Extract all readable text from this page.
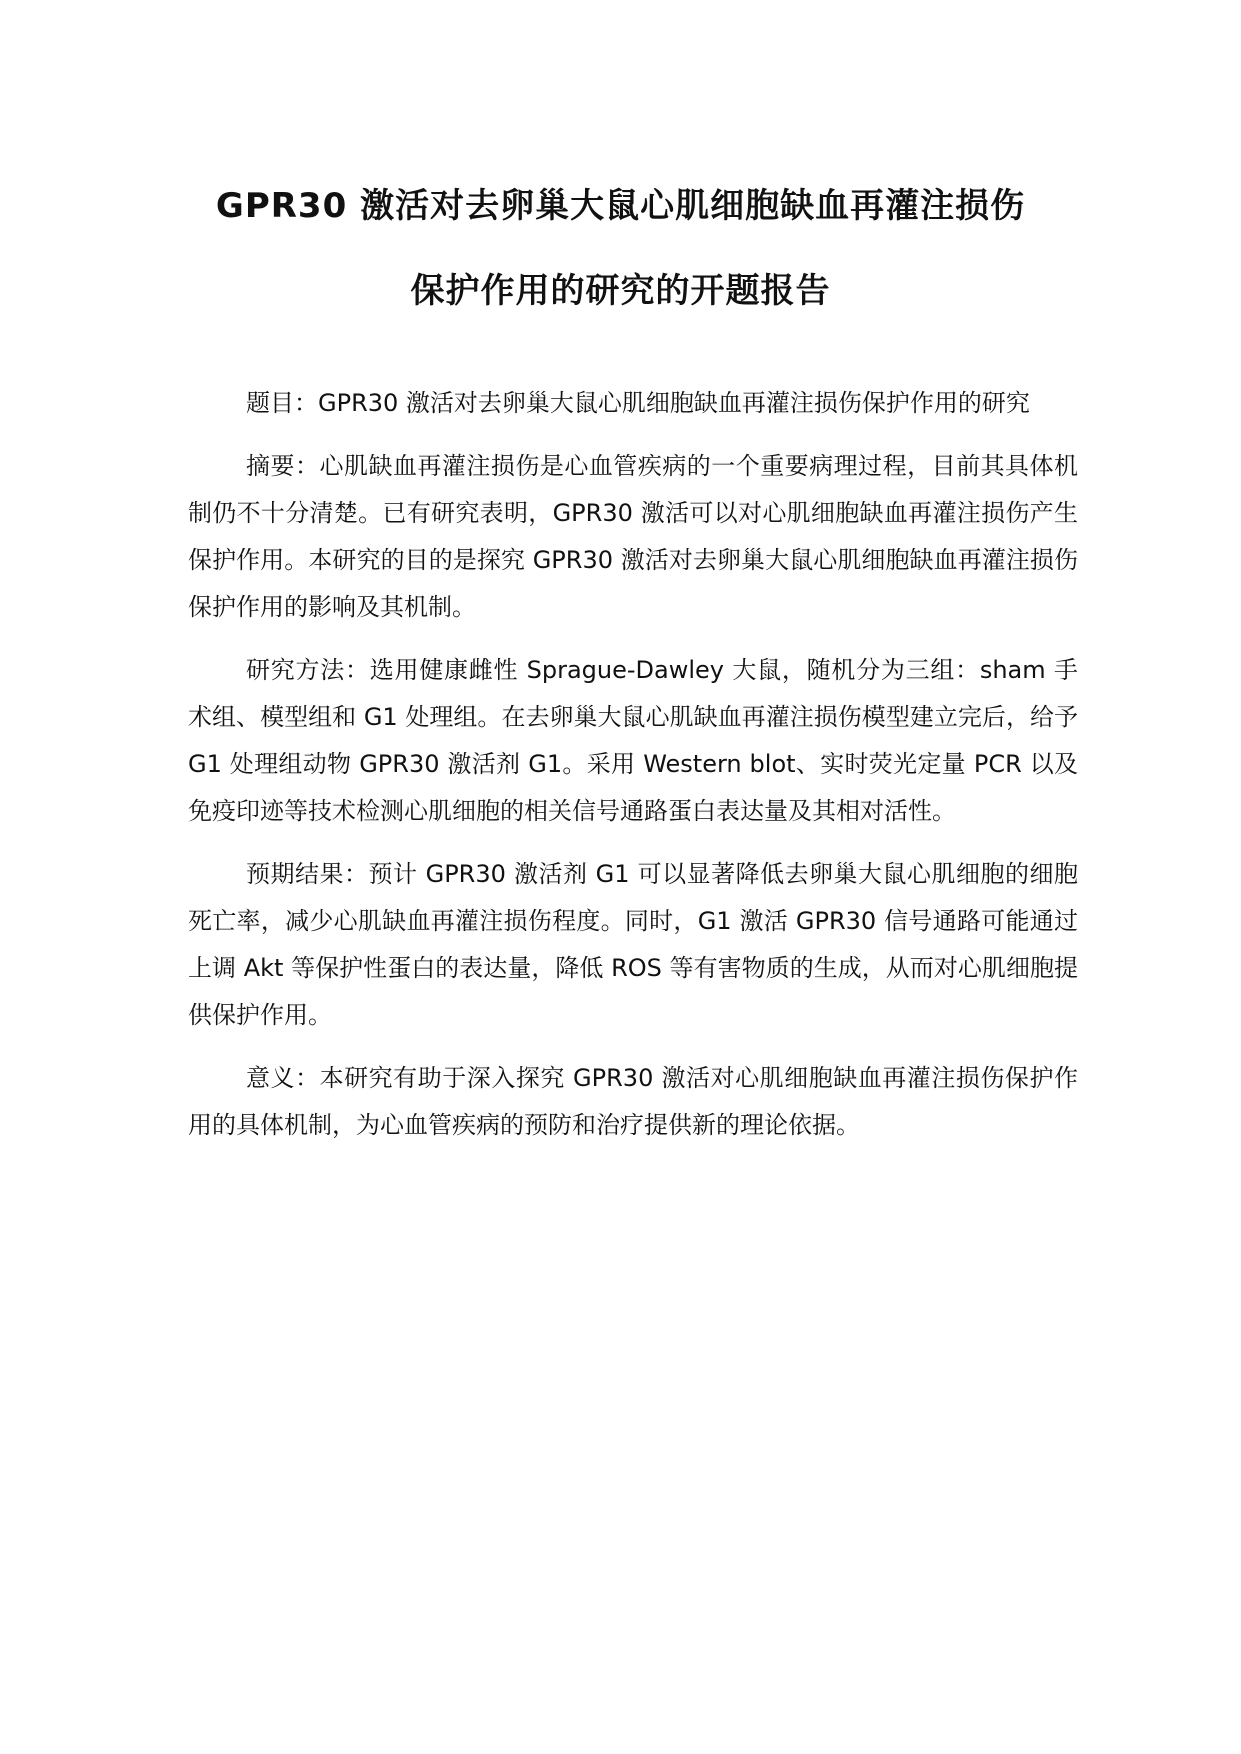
GPR30 激活对去卵巢大鼠心肌细胞缺血再灌注损伤
保护作用的研究的开题报告

题目：GPR30 激活对去卵巢大鼠心肌细胞缺血再灌注损伤保护作用的研究

摘要：心肌缺血再灌注损伤是心血管疾病的一个重要病理过程，目前其具体机制仍不十分清楚。已有研究表明，GPR30 激活可以对心肌细胞缺血再灌注损伤产生保护作用。本研究的目的是探究 GPR30 激活对去卵巢大鼠心肌细胞缺血再灌注损伤保护作用的影响及其机制。

研究方法：选用健康雌性 Sprague-Dawley 大鼠，随机分为三组：sham 手术组、模型组和 G1 处理组。在去卵巢大鼠心肌缺血再灌注损伤模型建立完后，给予 G1 处理组动物 GPR30 激活剂 G1。采用 Western blot、实时荧光定量 PCR 以及免疫印迹等技术检测心肌细胞的相关信号通路蛋白表达量及其相对活性。

预期结果：预计 GPR30 激活剂 G1 可以显著降低去卵巢大鼠心肌细胞的细胞死亡率，减少心肌缺血再灌注损伤程度。同时，G1 激活 GPR30 信号通路可能通过上调 Akt 等保护性蛋白的表达量，降低 ROS 等有害物质的生成，从而对心肌细胞提供保护作用。

意义：本研究有助于深入探究 GPR30 激活对心肌细胞缺血再灌注损伤保护作用的具体机制，为心血管疾病的预防和治疗提供新的理论依据。
